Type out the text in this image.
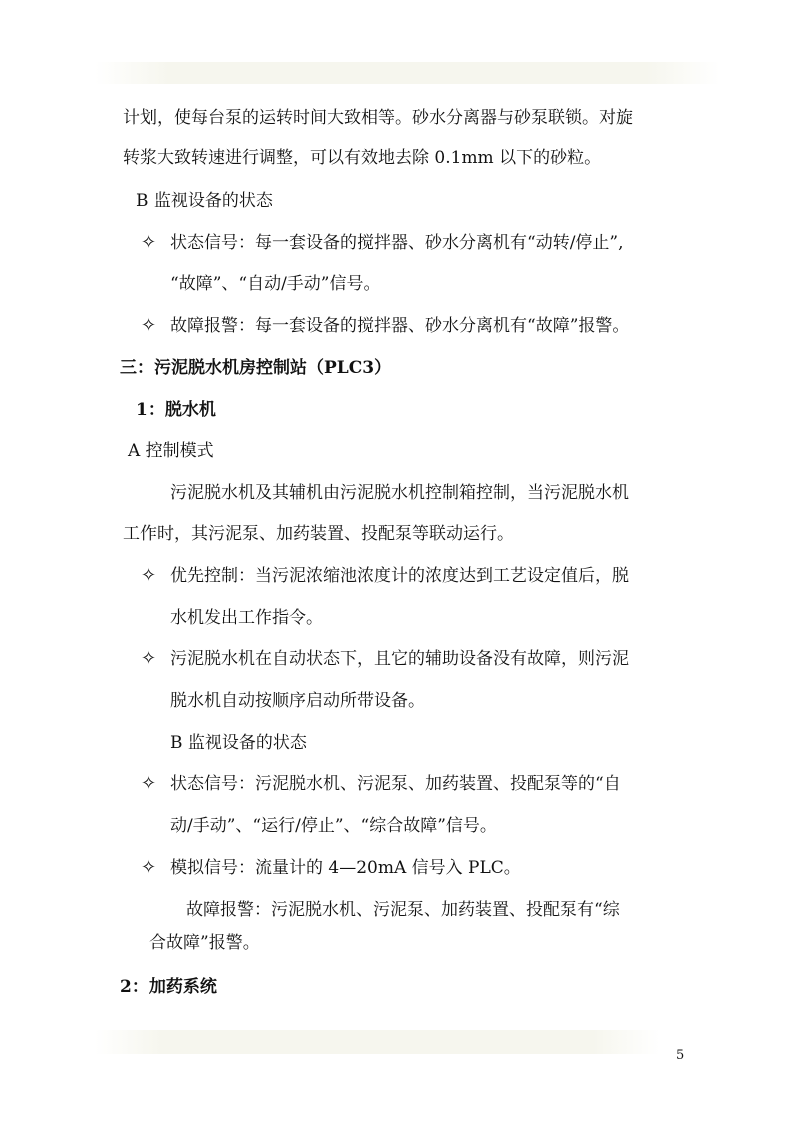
计划，使每台泵的运转时间大致相等。砂水分离器与砂泵联锁。对旋
转浆大致转速进行调整，可以有效地去除 0.1mm 以下的砂粒。
B 监视设备的状态
✧ 状态信号：每一套设备的搅拌器、砂水分离机有“动转/停止”,
“故障”、“自动/手动”信号。
✧ 故障报警：每一套设备的搅拌器、砂水分离机有“故障”报警。
三：污泥脱水机房控制站（PLC3）
1：脱水机
A 控制模式
污泥脱水机及其辅机由污泥脱水机控制箱控制，当污泥脱水机
工作时，其污泥泵、加药装置、投配泵等联动运行。
✧ 优先控制：当污泥浓缩池浓度计的浓度达到工艺设定值后，脱
水机发出工作指令。
✧ 污泥脱水机在自动状态下，且它的辅助设备没有故障，则污泥
脱水机自动按顺序启动所带设备。
B 监视设备的状态
✧ 状态信号：污泥脱水机、污泥泵、加药装置、投配泵等的“自
动/手动”、“运行/停止”、“综合故障”信号。
✧ 模拟信号：流量计的 4—20mA 信号入 PLC。
故障报警：污泥脱水机、污泥泵、加药装置、投配泵有“综
合故障”报警。
2：加药系统
5
